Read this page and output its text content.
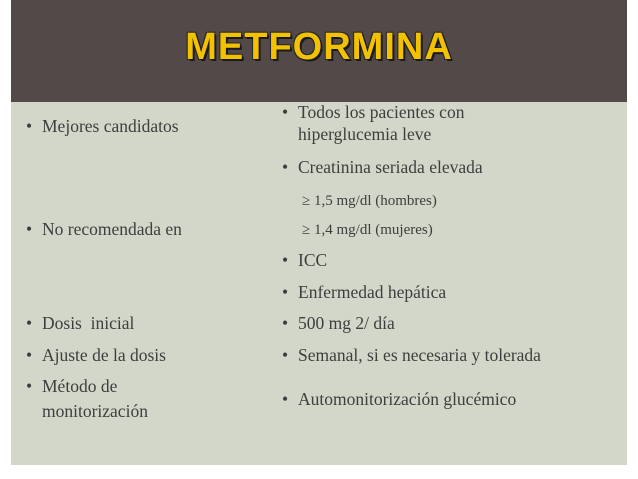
METFORMINA
• Mejores candidatos
• No recomendada en
• Dosis  inicial
• Ajuste de la dosis
• Método de
monitorización
• Todos los pacientes con
hiperglucemia leve
• Creatinina seriada elevada
≥ 1,5 mg/dl (hombres)
≥ 1,4 mg/dl (mujeres)
• ICC
• Enfermedad hepática
• 500 mg 2/ día
• Semanal, si es necesaria y tolerada
• Automonitorización glucémico
